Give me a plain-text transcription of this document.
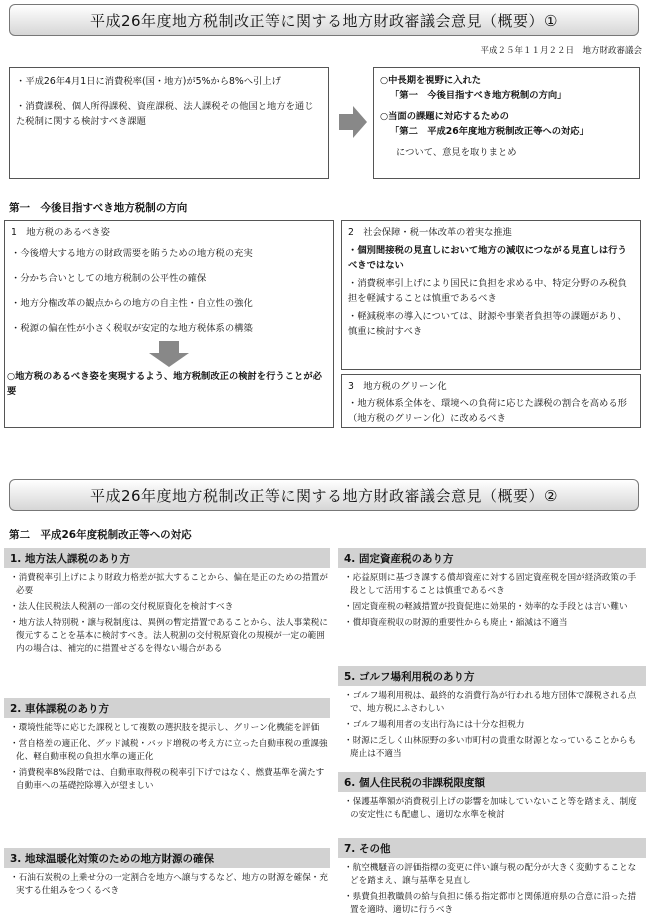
平成26年度地方税制改正等に関する地方財政審議会意見（概要）①
平成２５年１１月２２日　地方財政審議会

・ 平成26年4月1日に消費税率(国・地方)が5%から8%へ引上げ

・ 消費課税、個人所得課税、資産課税、法人課税その他国と地方を通じた税制に関する検討すべき課題

○中長期を視野に入れた

「第一　今後目指すべき地方税制の方向」

○当面の課題に対応するための

「第二　平成26年度地方税制改正等への対応」

について、意見を取りまとめ

第一　今後目指すべき地方税制の方向
1　地方税のあるべき姿

・ 今後増大する地方の財政需要を賄うための地方税の充実

・ 分かち合いとしての地方税制の公平性の確保

・ 地方分権改革の観点からの地方の自主性・自立性の強化

・ 税源の偏在性が小さく税収が安定的な地方税体系の構築

○地方税のあるべき姿を実現するよう、地方税制改正の検討を行うことが必要

2　社会保障・税一体改革の着実な推進

・ 個別間接税の見直しにおいて地方の減収につながる見直しは行うべきではない

・ 消費税率引上げにより国民に負担を求める中、特定分野のみ税負担を軽減することは慎重であるべき

・ 軽減税率の導入については、財源や事業者負担等の課題があり、慎重に検討すべき

3　地方税のグリーン化

・ 地方税体系全体を、環境への負荷に応じた課税の割合を高める形（地方税のグリーン化）に改めるべき

平成26年度地方税制改正等に関する地方財政審議会意見（概要）②
第二　平成26年度税制改正等への対応
1. 地方法人課税のあり方

・ 消費税率引上げにより財政力格差が拡大することから、偏在是正のための措置が必要

・ 法人住民税法人税割の一部の交付税原資化を検討すべき

・ 地方法人特別税・譲与税制度は、異例の暫定措置であることから、法人事業税に復元することを基本に検討すべき。法人税割の交付税原資化の規模が一定の範囲内の場合は、補完的に措置せざるを得ない場合がある

2. 車体課税のあり方

・ 環境性能等に応じた課税として複数の選択肢を提示し、グリーン化機能を評価

・ 営自格差の適正化、グッド減税・バッド増税の考え方に立った自動車税の重課強化、軽自動車税の負担水準の適正化

・ 消費税率8%段階では、自動車取得税の税率引下げではなく、燃費基準を満たす自動車への基礎控除導入が望ましい

3. 地球温暖化対策のための地方財源の確保

・ 石油石炭税の上乗せ分の一定割合を地方へ譲与するなど、地方の財源を確保・充実する仕組みをつくるべき

4. 固定資産税のあり方

・ 応益原則に基づき課する償却資産に対する固定資産税を国が経済政策の手段として活用することは慎重であるべき

・ 固定資産税の軽減措置が投資促進に効果的・効率的な手段とは言い難い

・ 償却資産税収の財源的重要性からも廃止・縮減は不適当

5. ゴルフ場利用税のあり方

・ ゴルフ場利用税は、最終的な消費行為が行われる地方団体で課税される点で、地方税にふさわしい

・ ゴルフ場利用者の支出行為には十分な担税力

・ 財源に乏しく山林原野の多い市町村の貴重な財源となっていることからも廃止は不適当

6. 個人住民税の非課税限度額

・ 保護基準額が消費税引上げの影響を加味していないこと等を踏まえ、制度の安定性にも配慮し、適切な水準を検討

7. その他

・ 航空機騒音の評価指標の変更に伴い譲与税の配分が大きく変動することなどを踏まえ、譲与基準を見直し

・ 県費負担教職員の給与負担に係る指定都市と関係道府県の合意に沿った措置を適時、適切に行うべき
